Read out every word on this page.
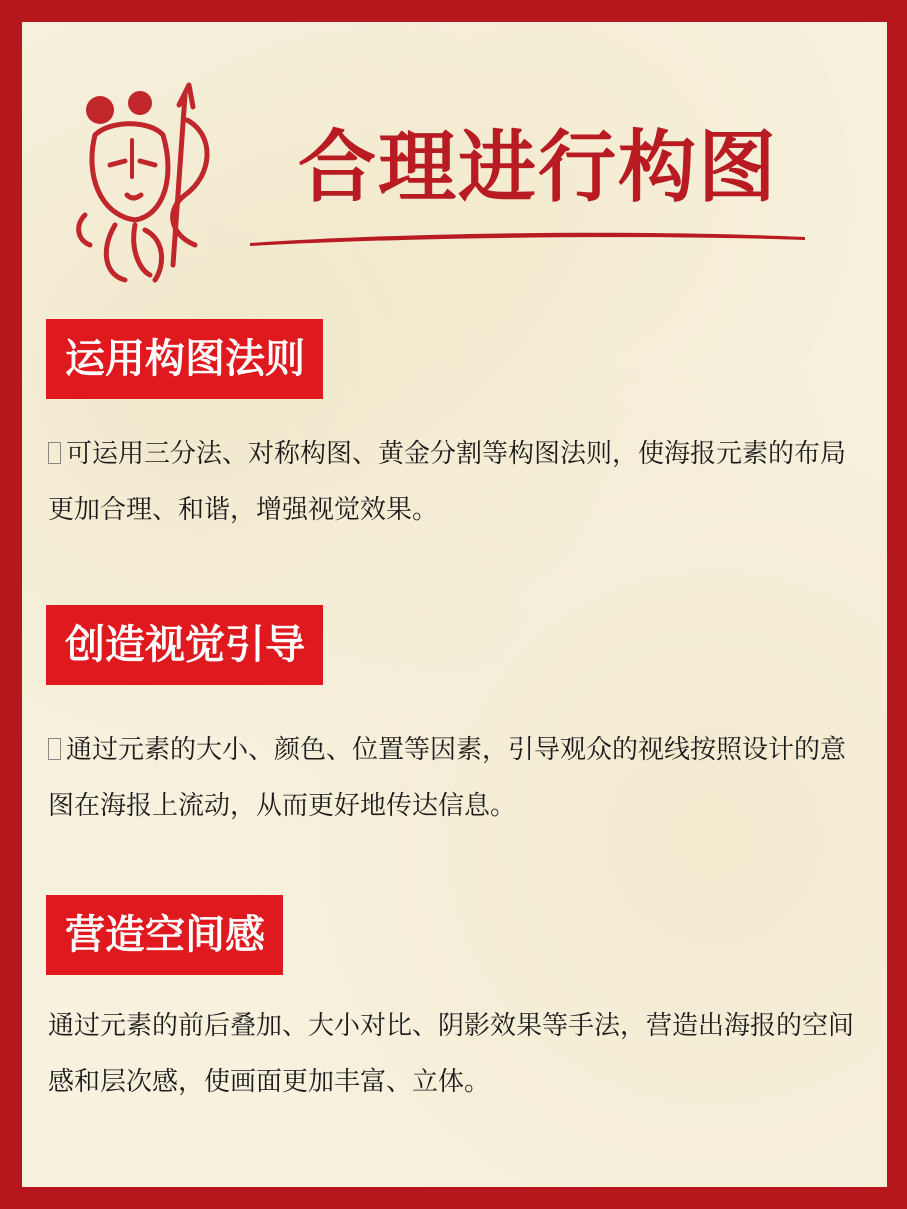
合理进行构图
运用构图法则

可运用三分法、对称构图、黄金分割等构图法则，使海报元素的布局更加合理、和谐，增强视觉效果。

创造视觉引导

通过元素的大小、颜色、位置等因素，引导观众的视线按照设计的意图在海报上流动，从而更好地传达信息。

营造空间感

通过元素的前后叠加、大小对比、阴影效果等手法，营造出海报的空间感和层次感，使画面更加丰富、立体。
